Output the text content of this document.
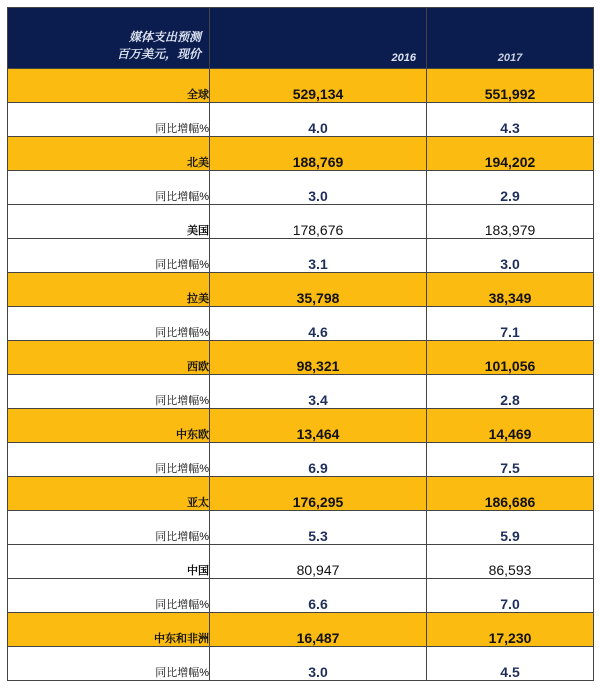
媒体支出预测
百万美元，现价	2016	2017
全球	529,134	551,992
同比增幅%	4.0	4.3
北美	188,769	194,202
同比增幅%	3.0	2.9
美国	178,676	183,979
同比增幅%	3.1	3.0
拉美	35,798	38,349
同比增幅%	4.6	7.1
西欧	98,321	101,056
同比增幅%	3.4	2.8
中东欧	13,464	14,469
同比增幅%	6.9	7.5
亚太	176,295	186,686
同比增幅%	5.3	5.9
中国	80,947	86,593
同比增幅%	6.6	7.0
中东和非洲	16,487	17,230
同比增幅%	3.0	4.5
